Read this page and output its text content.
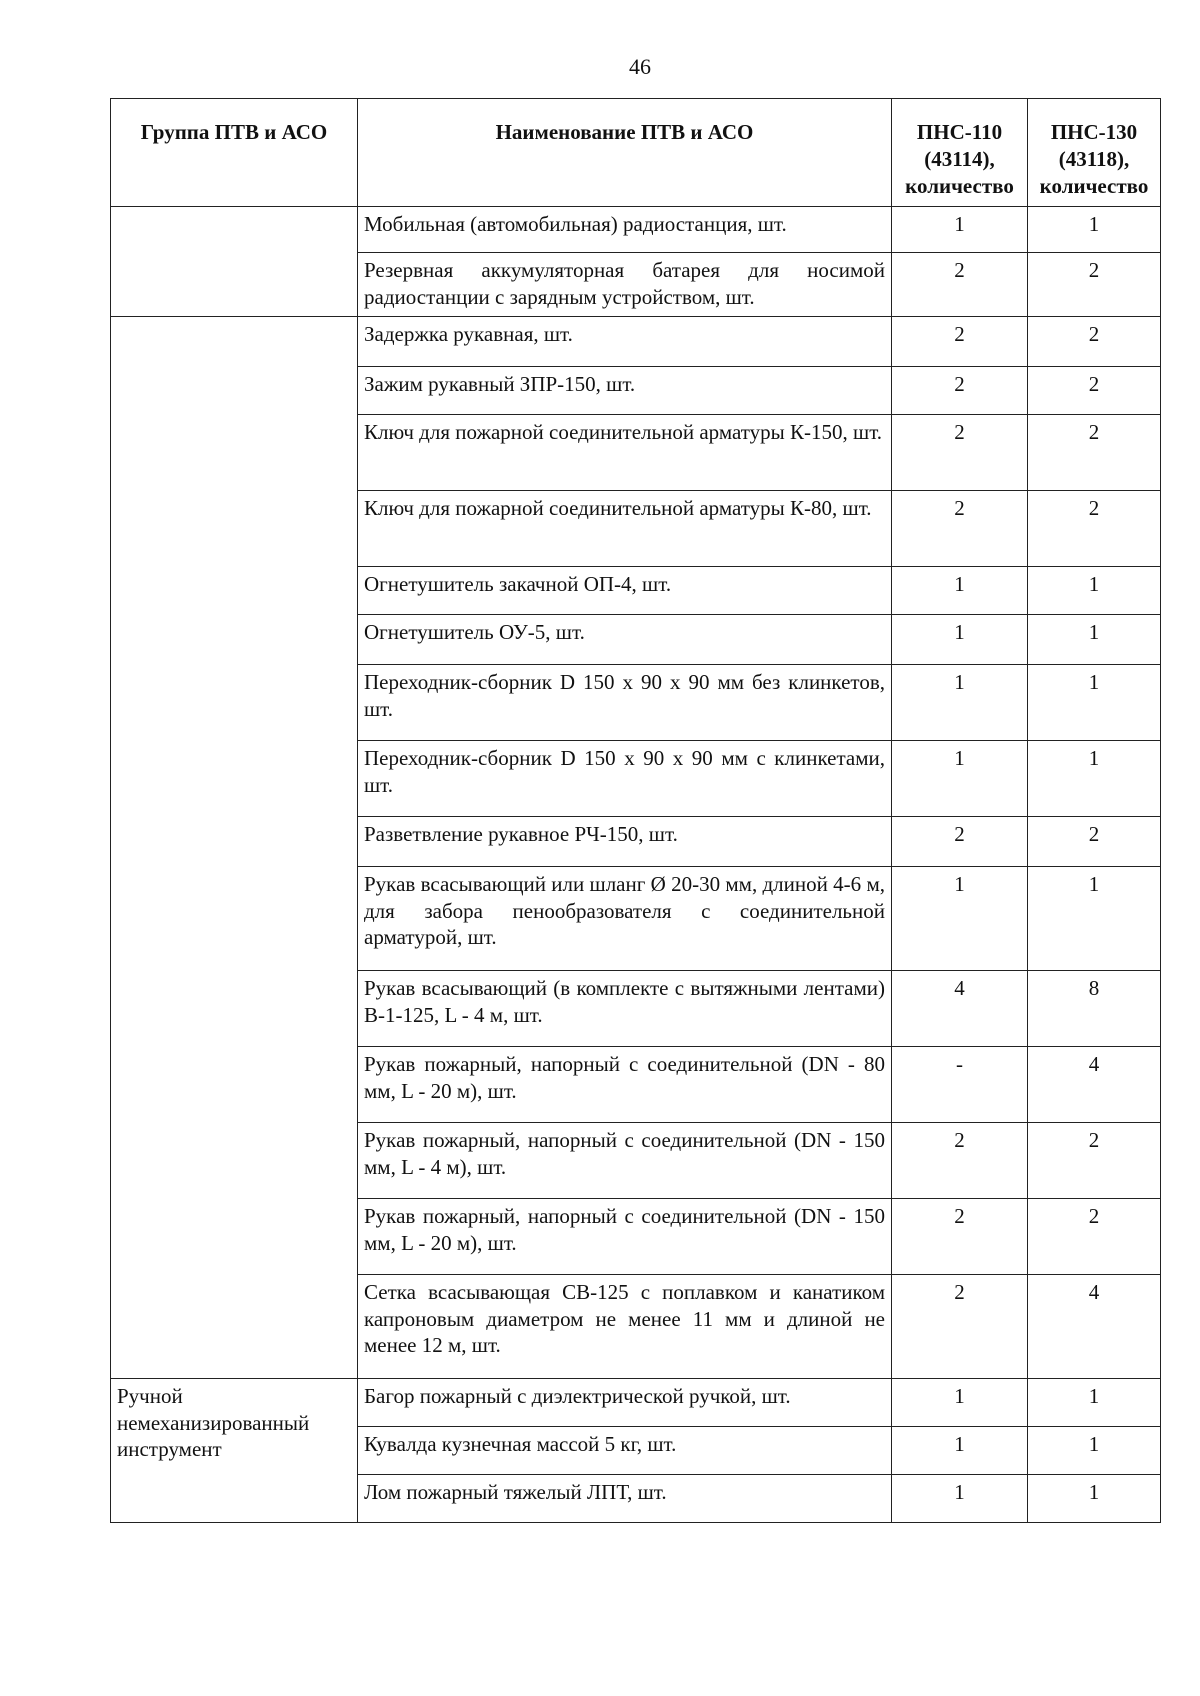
46
Группа ПТВ и АСО	Наименование ПТВ и АСО	ПНС-110
(43114),
количество	ПНС-130
(43118),
количество

	Мобильная (автомобильная) радиостанция, шт.	1	1
	Резервная аккумуляторная батарея для носимой радиостанции с зарядным устройством, шт.	2	2
	Задержка рукавная, шт.	2	2
	Зажим рукавный ЗПР-150, шт.	2	2
	Ключ для пожарной соединительной арматуры К-150, шт.	2	2
	Ключ для пожарной соединительной арматуры К-80, шт.	2	2
	Огнетушитель закачной ОП-4, шт.	1	1
	Огнетушитель ОУ-5, шт.	1	1
	Переходник-сборник D 150 х 90 х 90 мм без клинкетов, шт.	1	1
	Переходник-сборник D 150 х 90 х 90 мм с клинкетами, шт.	1	1
	Разветвление рукавное РЧ-150, шт.	2	2
	Рукав всасывающий или шланг Ø 20-30 мм, длиной 4-6 м, для забора пенообразователя с соединительной арматурой, шт.	1	1
	Рукав всасывающий (в комплекте с вытяжными лентами) В-1-125, L - 4 м, шт.	4	8
	Рукав пожарный, напорный с соединительной (DN - 80 мм, L - 20 м), шт.	-	4
	Рукав пожарный, напорный с соединительной (DN - 150 мм, L - 4 м), шт.	2	2
	Рукав пожарный, напорный с соединительной (DN - 150 мм, L - 20 м), шт.	2	2
	Сетка всасывающая СВ-125 с поплавком и канатиком капроновым диаметром не менее 11 мм и длиной не менее 12 м, шт.	2	4
Ручной немеханизированный инструмент	Багор пожарный с диэлектрической ручкой, шт.	1	1
	Кувалда кузнечная массой 5 кг, шт.	1	1
	Лом пожарный тяжелый ЛПТ, шт.	1	1
